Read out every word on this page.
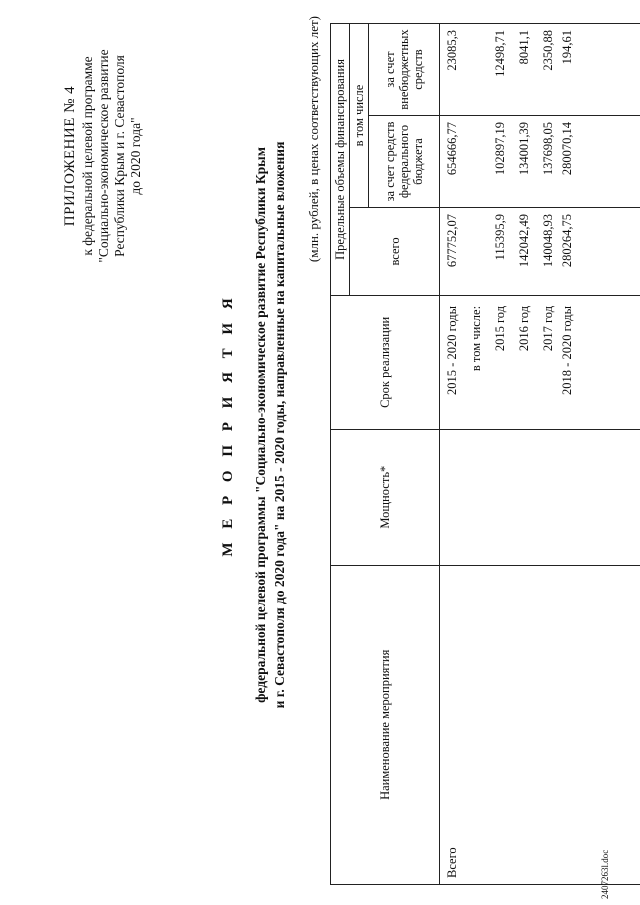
ПРИЛОЖЕНИЕ № 4 к федеральной целевой программе "Социально-экономическое развитие Республики Крым и г. Севастополя до 2020 года"
М Е Р О П Р И Я Т И Я федеральной целевой программы "Социально-экономическое развитие Республики Крым и г. Севастополя до 2020 года" на 2015 - 2020 годы, направленные на капитальные вложения
(млн. рублей, в ценах соответствующих лет)
Наименование мероприятия	Мощность*	Срок реализации	Предельные объемы финансирования		
			всего	в том числе	
				за счет средств федерального бюджета	за счет внебюджетных средств
Всего		2015 - 2020 годы	677752,07	654666,77	23085,3
		в том числе:			
		2015 год	115395,9	102897,19	12498,71
		2016 год	142042,49	134001,39	8041,1
		2017 год	140048,93	137698,05	2350,88
		2018 - 2020 годы	280264,75	280070,14	194,61
2407263l.doc
